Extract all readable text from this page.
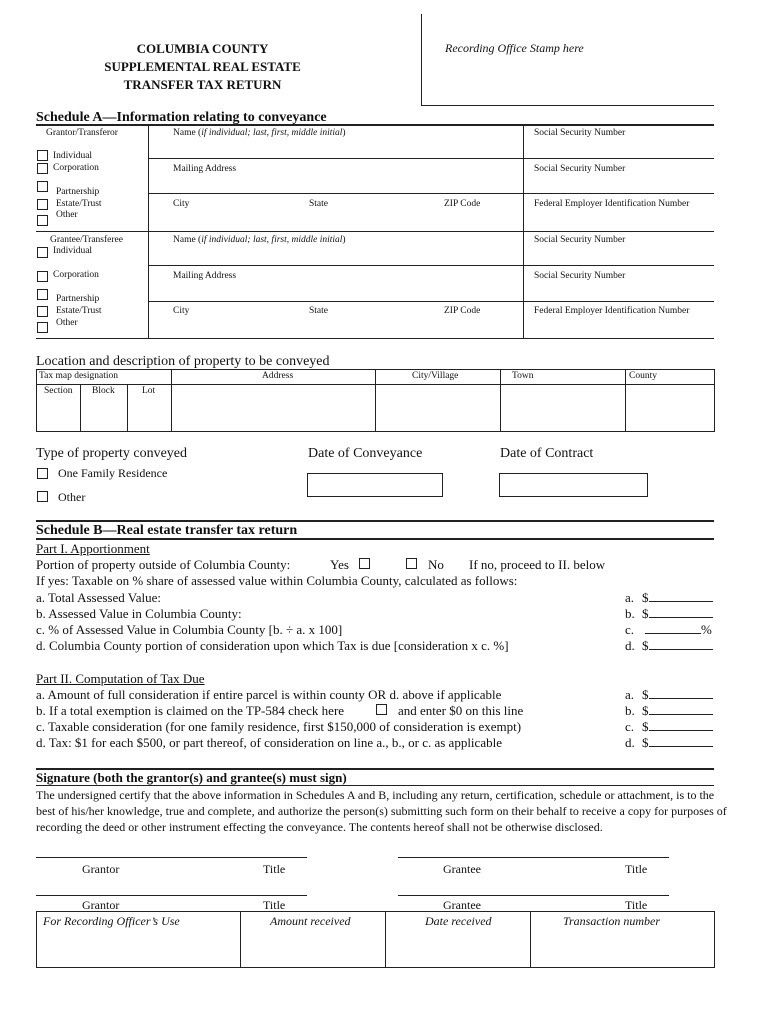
COLUMBIA COUNTY
SUPPLEMENTAL REAL ESTATE
TRANSFER TAX RETURN
Recording Office Stamp here
Schedule A—Information relating to conveyance
Grantor/Transferor
Individual
Corporation
Partnership
Estate/Trust
Other
Name (if individual; last, first, middle initial)	Social Security Number
Mailing Address	Social Security Number
City	State	ZIP Code	Federal Employer Identification Number
Grantee/Transferee
Individual
Corporation
Partnership
Estate/Trust
Other
Name (if individual; last, first, middle initial)	Social Security Number
Mailing Address	Social Security Number
City	State	ZIP Code	Federal Employer Identification Number
Location and description of property to be conveyed
Tax map designation	Address	City/Village	Town	County
Section Block	Lot
Type of property conveyed
One Family Residence
Other
Date of Conveyance	Date of Contract
Schedule B—Real estate transfer tax return
Part I. Apportionment
Portion of property outside of Columbia County:	Yes	No If no, proceed to II. below
If yes: Taxable on % share of assessed value within Columbia County, calculated as follows:
a. Total Assessed Value:	a. $
b. Assessed Value in Columbia County:	b. $
c. % of Assessed Value in Columbia County [b. ÷ a. x 100]	c.	%
d. Columbia County portion of consideration upon which Tax is due [consideration x c. %]	d. $
Part II. Computation of Tax Due
a. Amount of full consideration if entire parcel is within county OR d. above if applicable	a. $
b. If a total exemption is claimed on the TP-584 check here	and enter $0 on this line	b. $
c. Taxable consideration (for one family residence, first $150,000 of consideration is exempt)	c. $
d. Tax: $1 for each $500, or part thereof, of consideration on line a., b., or c. as applicable	d. $
Signature (both the grantor(s) and grantee(s) must sign)
The undersigned certify that the above information in Schedules A and B, including any return, certification, schedule or attachment, is to the best of his/her knowledge, true and complete, and authorize the person(s) submitting such form on their behalf to receive a copy for purposes of recording the deed or other instrument effecting the conveyance. The contents hereof shall not be otherwise disclosed.
Grantor	Title	Grantee	Title
Grantor	Title	Grantee	Title
For Recording Officer’s Use	Amount received	Date received	Transaction number
